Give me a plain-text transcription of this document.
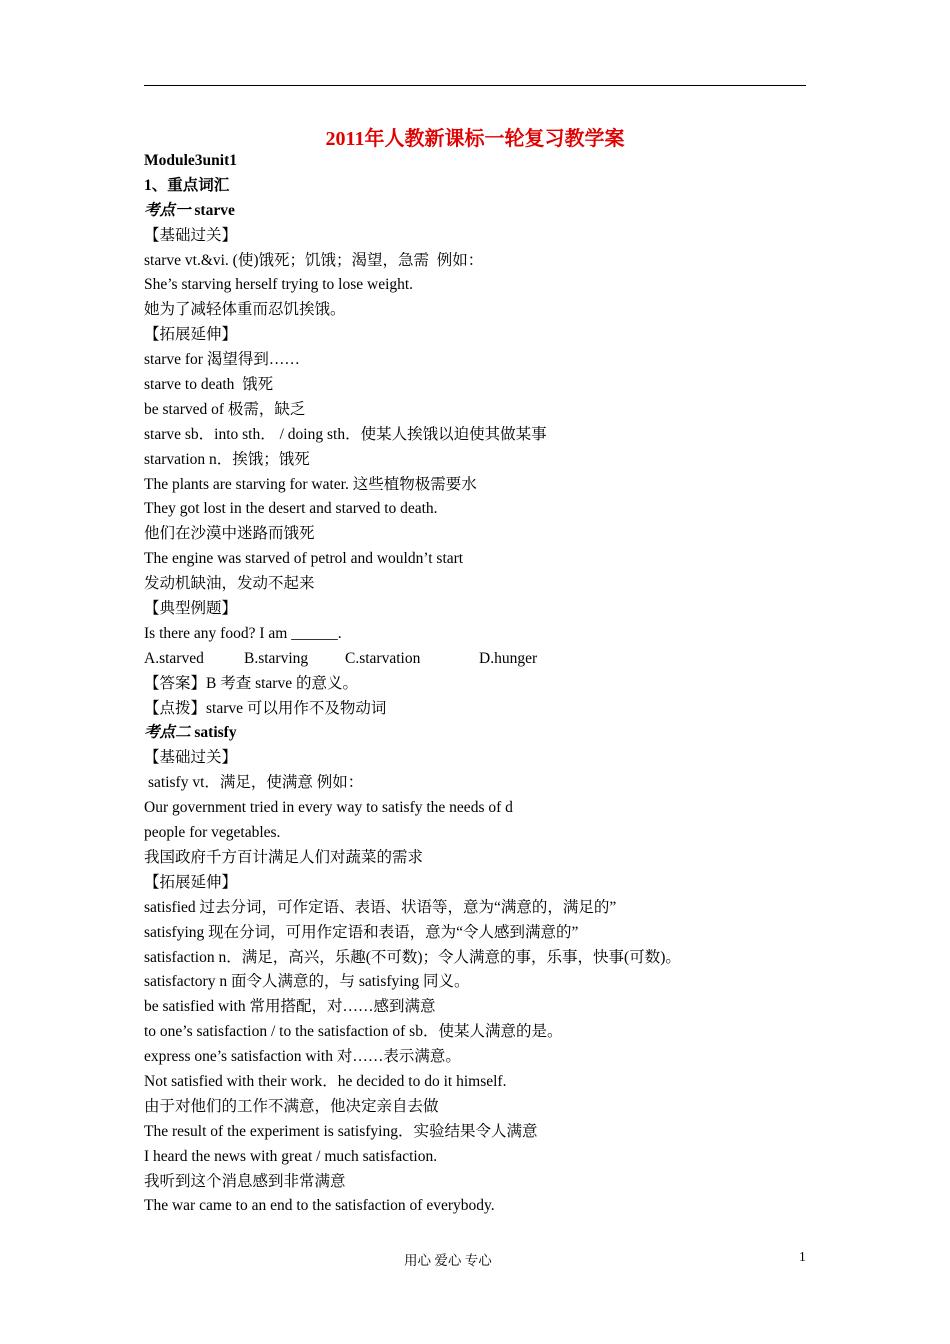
2011年人教新课标一轮复习教学案
Module3unit1
1、重点词汇
考点一 starve
【基础过关】
starve vt.&vi. (使)饿死；饥饿；渴望，急需  例如：
She’s starving herself trying to lose weight.
她为了减轻体重而忍饥挨饿。
【拓展延伸】
starve for 渴望得到……
starve to death  饿死
be starved of 极需，缺乏
starve sb．into sth． / doing sth．使某人挨饿以迫使其做某事
starvation n．挨饿；饿死
The plants are starving for water. 这些植物极需要水
They got lost in the desert and starved to death.
他们在沙漠中迷路而饿死
The engine was starved of petrol and wouldn’t start
发动机缺油，发动不起来
【典型例题】
Is there any food? I am ______.
A.starved	B.starving C.starvation	D.hunger
【答案】B 考查 starve 的意义。
【点拨】starve 可以用作不及物动词
考点二 satisfy
【基础过关】
satisfy vt．满足，使满意 例如：
Our government tried in every way to satisfy the needs of d
people for vegetables.
我国政府千方百计满足人们对蔬菜的需求
【拓展延伸】
satisfied 过去分词，可作定语、表语、状语等，意为“满意的，满足的”
satisfying 现在分词，可用作定语和表语，意为“令人感到满意的”
satisfaction n．满足，高兴，乐趣(不可数)；令人满意的事，乐事，快事(可数)。
satisfactory n 面令人满意的，与 satisfying 同义。
be satisfied with 常用搭配，对……感到满意
to one’s satisfaction / to the satisfaction of sb．使某人满意的是。
express one’s satisfaction with 对……表示满意。
Not satisfied with their work．he decided to do it himself.
由于对他们的工作不满意，他决定亲自去做
The result of the experiment is satisfying．实验结果令人满意
I heard the news with great / much satisfaction.
我听到这个消息感到非常满意
The war came to an end to the satisfaction of everybody.
用心 爱心 专心	1
